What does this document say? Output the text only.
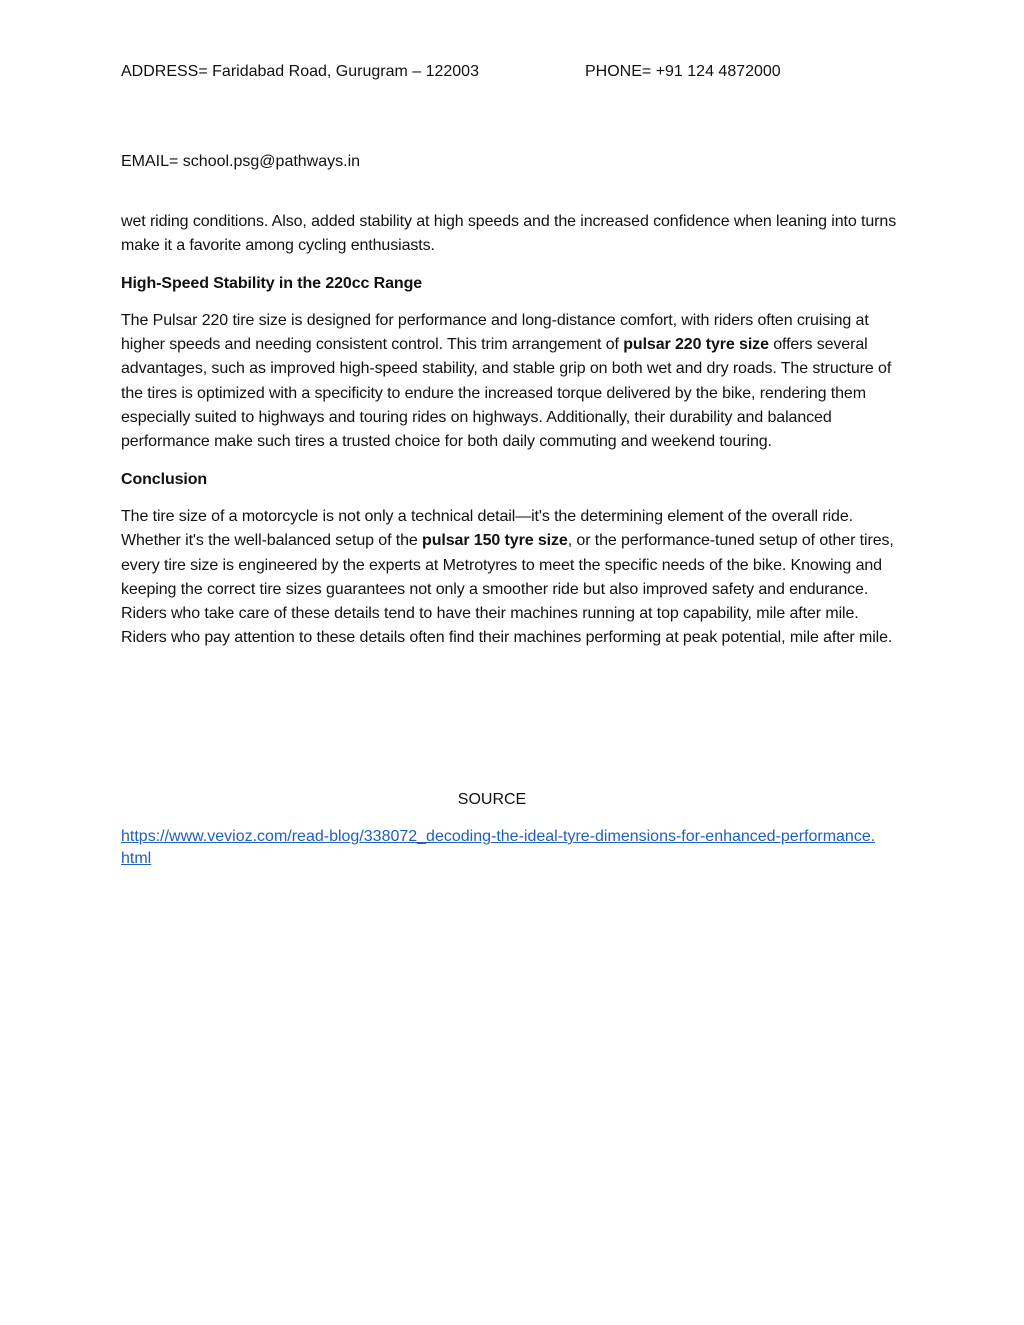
ADDRESS= Faridabad Road, Gurugram – 122003	PHONE= +91 124 4872000
EMAIL= school.psg@pathways.in

wet riding conditions. Also, added stability at high speeds and the increased confidence when leaning into turns make it a favorite among cycling enthusiasts.

High-Speed Stability in the 220cc Range

The Pulsar 220 tire size is designed for performance and long-distance comfort, with riders often cruising at higher speeds and needing consistent control. This trim arrangement of pulsar 220 tyre size offers several advantages, such as improved high-speed stability, and stable grip on both wet and dry roads. The structure of the tires is optimized with a specificity to endure the increased torque delivered by the bike, rendering them especially suited to highways and touring rides on highways. Additionally, their durability and balanced performance make such tires a trusted choice for both daily commuting and weekend touring.

Conclusion

The tire size of a motorcycle is not only a technical detail—it's the determining element of the overall ride. Whether it's the well-balanced setup of the pulsar 150 tyre size, or the performance-tuned setup of other tires, every tire size is engineered by the experts at Metrotyres to meet the specific needs of the bike. Knowing and keeping the correct tire sizes guarantees not only a smoother ride but also improved safety and endurance. Riders who take care of these details tend to have their machines running at top capability, mile after mile. Riders who pay attention to these details often find their machines performing at peak potential, mile after mile.

SOURCE
https://www.vevioz.com/read-blog/338072_decoding-the-ideal-tyre-dimensions-for-enhanced-performance.html
